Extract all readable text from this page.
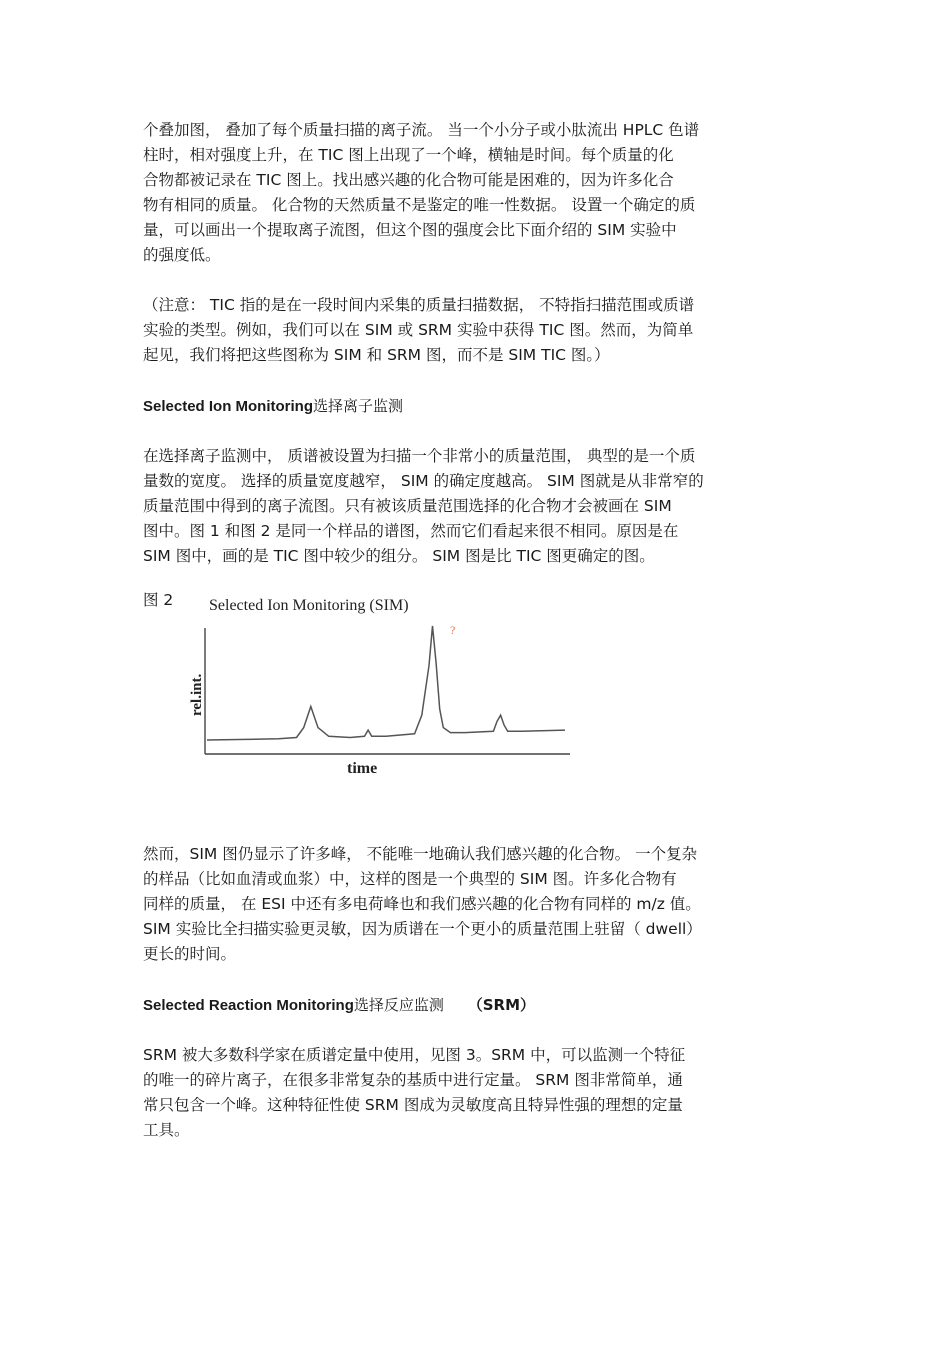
个叠加图， 叠加了每个质量扫描的离子流。 当一个小分子或小肽流出 HPLC 色谱
柱时，相对强度上升，在 TIC 图上出现了一个峰，横轴是时间。每个质量的化
合物都被记录在 TIC 图上。找出感兴趣的化合物可能是困难的，因为许多化合
物有相同的质量。 化合物的天然质量不是鉴定的唯一性数据。 设置一个确定的质
量，可以画出一个提取离子流图，但这个图的强度会比下面介绍的 SIM 实验中
的强度低。

（注意： TIC 指的是在一段时间内采集的质量扫描数据， 不特指扫描范围或质谱
实验的类型。例如，我们可以在 SIM 或 SRM 实验中获得 TIC 图。然而，为简单
起见，我们将把这些图称为 SIM 和 SRM 图，而不是 SIM TIC 图。）

Selected Ion Monitoring选择离子监测

在选择离子监测中， 质谱被设置为扫描一个非常小的质量范围， 典型的是一个质
量数的宽度。 选择的质量宽度越窄， SIM 的确定度越高。 SIM 图就是从非常窄的
质量范围中得到的离子流图。只有被该质量范围选择的化合物才会被画在 SIM
图中。图 1 和图 2 是同一个样品的谱图，然而它们看起来很不相同。原因是在
SIM 图中，画的是 TIC 图中较少的组分。 SIM 图是比 TIC 图更确定的图。

图 2 Selected Ion Monitoring (SIM)
rel.int.
time
?

然而，SIM 图仍显示了许多峰， 不能唯一地确认我们感兴趣的化合物。 一个复杂
的样品（比如血清或血浆）中，这样的图是一个典型的 SIM 图。许多化合物有
同样的质量， 在 ESI 中还有多电荷峰也和我们感兴趣的化合物有同样的 m/z 值。
SIM 实验比全扫描实验更灵敏，因为质谱在一个更小的质量范围上驻留（ dwell）
更长的时间。

Selected Reaction Monitoring选择反应监测 （SRM）

SRM 被大多数科学家在质谱定量中使用，见图 3。SRM 中，可以监测一个特征
的唯一的碎片离子，在很多非常复杂的基质中进行定量。 SRM 图非常简单，通
常只包含一个峰。这种特征性使 SRM 图成为灵敏度高且特异性强的理想的定量
工具。
